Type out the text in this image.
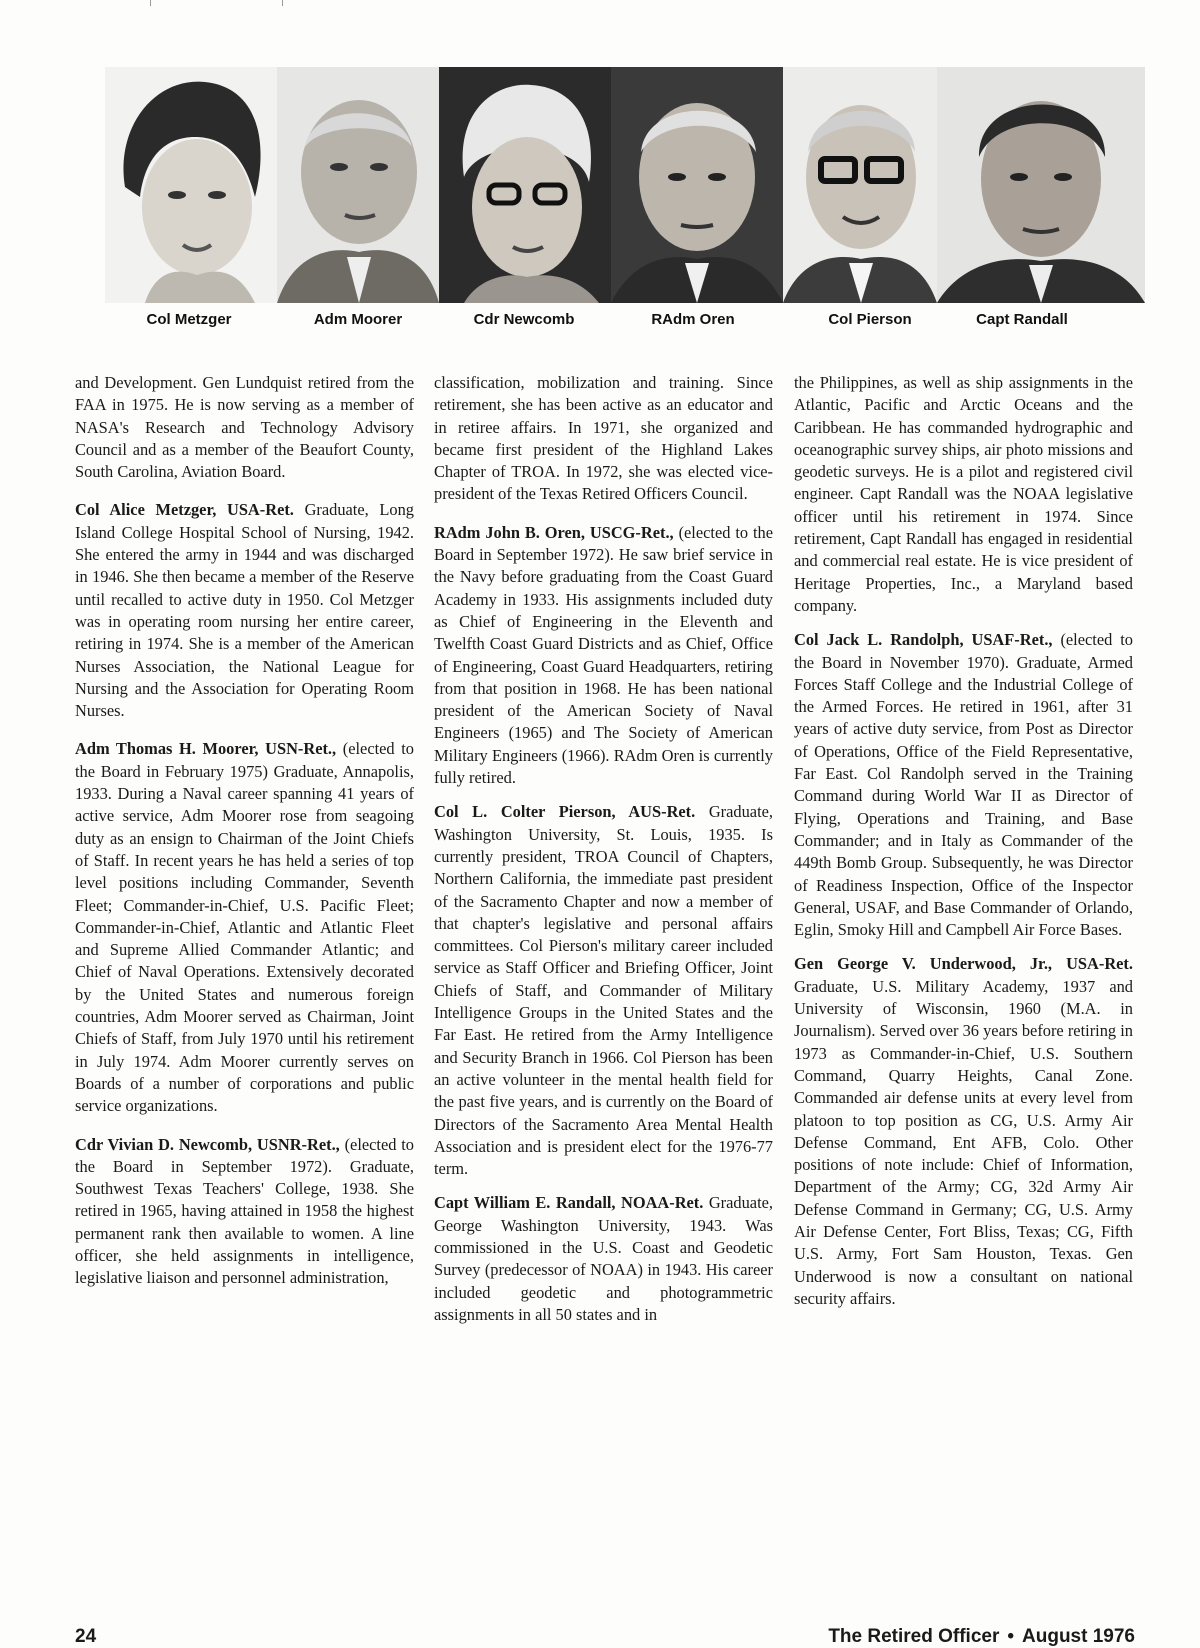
Col Metzger	Adm Moorer	Cdr Newcomb	RAdm Oren	Col Pierson	Capt Randall

and Development. Gen Lundquist retired from the FAA in 1975. He is now serving as a member of NASA's Research and Technology Advisory Council and as a member of the Beaufort County, South Carolina, Aviation Board.

Col Alice Metzger, USA-Ret. Graduate, Long Island College Hospital School of Nursing, 1942. She entered the army in 1944 and was discharged in 1946. She then became a member of the Reserve until recalled to active duty in 1950. Col Metzger was in operating room nursing her entire career, retiring in 1974. She is a member of the American Nurses Association, the National League for Nursing and the Association for Operating Room Nurses.

Adm Thomas H. Moorer, USN-Ret., (elected to the Board in February 1975) Graduate, Annapolis, 1933. During a Naval career spanning 41 years of active service, Adm Moorer rose from seagoing duty as an ensign to Chairman of the Joint Chiefs of Staff. In recent years he has held a series of top level positions including Commander, Seventh Fleet; Commander-in-Chief, U.S. Pacific Fleet; Commander-in-Chief, Atlantic and Atlantic Fleet and Supreme Allied Commander Atlantic; and Chief of Naval Operations. Extensively decorated by the United States and numerous foreign countries, Adm Moorer served as Chairman, Joint Chiefs of Staff, from July 1970 until his retirement in July 1974. Adm Moorer currently serves on Boards of a number of corporations and public service organizations.

Cdr Vivian D. Newcomb, USNR-Ret., (elected to the Board in September 1972). Graduate, Southwest Texas Teachers' College, 1938. She retired in 1965, having attained in 1958 the highest permanent rank then available to women. A line officer, she held assignments in intelligence, legislative liaison and personnel administration,

classification, mobilization and training. Since retirement, she has been active as an educator and in retiree affairs. In 1971, she organized and became first president of the Highland Lakes Chapter of TROA. In 1972, she was elected vice-president of the Texas Retired Officers Council.

RAdm John B. Oren, USCG-Ret., (elected to the Board in September 1972). He saw brief service in the Navy before graduating from the Coast Guard Academy in 1933. His assignments included duty as Chief of Engineering in the Eleventh and Twelfth Coast Guard Districts and as Chief, Office of Engineering, Coast Guard Headquarters, retiring from that position in 1968. He has been national president of the American Society of Naval Engineers (1965) and The Society of American Military Engineers (1966). RAdm Oren is currently fully retired.

Col L. Colter Pierson, AUS-Ret. Graduate, Washington University, St. Louis, 1935. Is currently president, TROA Council of Chapters, Northern California, the immediate past president of the Sacramento Chapter and now a member of that chapter's legislative and personal affairs committees. Col Pierson's military career included service as Staff Officer and Briefing Officer, Joint Chiefs of Staff, and Commander of Military Intelligence Groups in the United States and the Far East. He retired from the Army Intelligence and Security Branch in 1966. Col Pierson has been an active volunteer in the mental health field for the past five years, and is currently on the Board of Directors of the Sacramento Area Mental Health Association and is president elect for the 1976-77 term.

Capt William E. Randall, NOAA-Ret. Graduate, George Washington University, 1943. Was commissioned in the U.S. Coast and Geodetic Survey (predecessor of NOAA) in 1943. His career included geodetic and photogrammetric assignments in all 50 states and in

the Philippines, as well as ship assignments in the Atlantic, Pacific and Arctic Oceans and the Caribbean. He has commanded hydrographic and oceanographic survey ships, air photo missions and geodetic surveys. He is a pilot and registered civil engineer. Capt Randall was the NOAA legislative officer until his retirement in 1974. Since retirement, Capt Randall has engaged in residential and commercial real estate. He is vice president of Heritage Properties, Inc., a Maryland based company.

Col Jack L. Randolph, USAF-Ret., (elected to the Board in November 1970). Graduate, Armed Forces Staff College and the Industrial College of the Armed Forces. He retired in 1961, after 31 years of active duty service, from Post as Director of Operations, Office of the Field Representative, Far East. Col Randolph served in the Training Command during World War II as Director of Flying, Operations and Training, and Base Commander; and in Italy as Commander of the 449th Bomb Group. Subsequently, he was Director of Readiness Inspection, Office of the Inspector General, USAF, and Base Commander of Orlando, Eglin, Smoky Hill and Campbell Air Force Bases.

Gen George V. Underwood, Jr., USA-Ret. Graduate, U.S. Military Academy, 1937 and University of Wisconsin, 1960 (M.A. in Journalism). Served over 36 years before retiring in 1973 as Commander-in-Chief, U.S. Southern Command, Quarry Heights, Canal Zone. Commanded air defense units at every level from platoon to top position as CG, U.S. Army Air Defense Command, Ent AFB, Colo. Other positions of note include: Chief of Information, Department of the Army; CG, 32d Army Air Defense Command in Germany; CG, U.S. Army Air Defense Center, Fort Bliss, Texas; CG, Fifth U.S. Army, Fort Sam Houston, Texas. Gen Underwood is now a consultant on national security affairs.

24	The Retired Officer • August 1976
